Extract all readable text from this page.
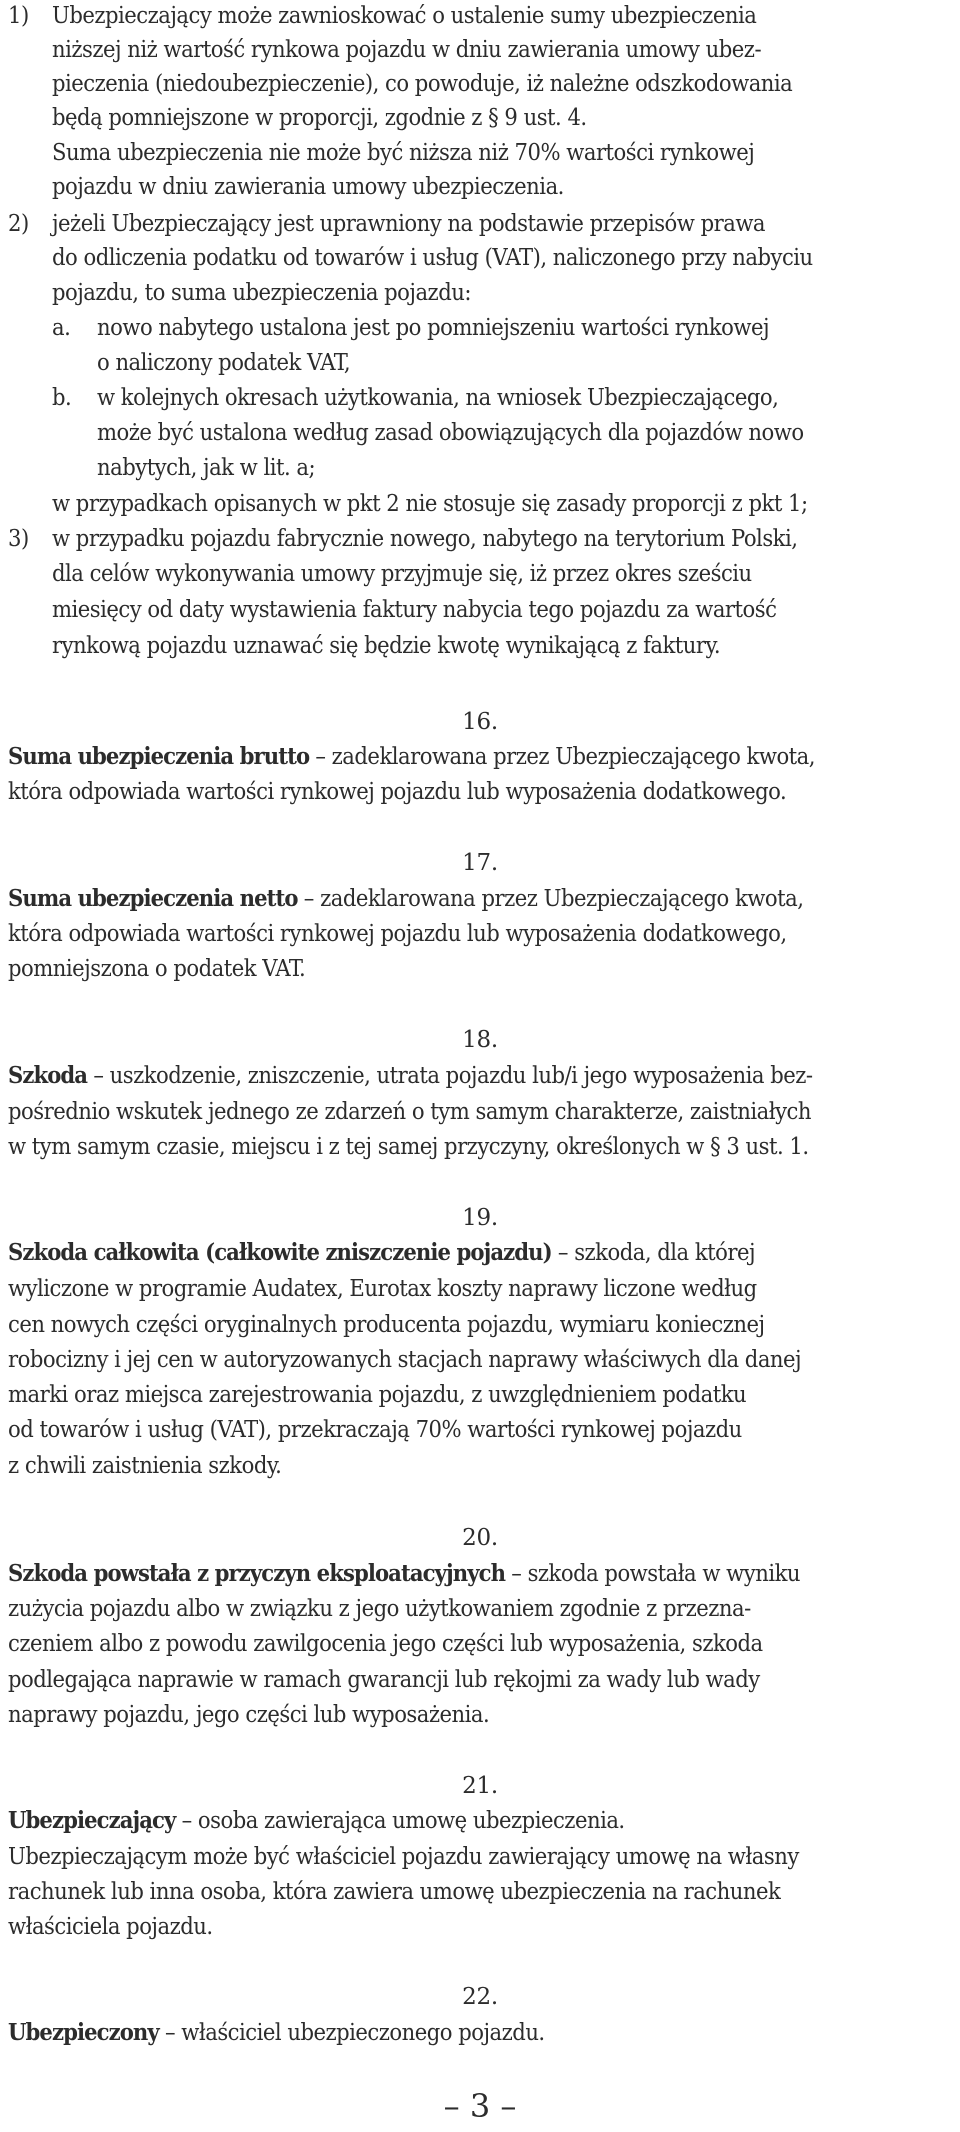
1) Ubezpieczający może zawnioskować o ustalenie sumy ubezpieczenia
niższej niż wartość rynkowa pojazdu w dniu zawierania umowy ubez-
pieczenia (niedoubezpieczenie), co powoduje, iż należne odszkodowania
będą pomniejszone w proporcji, zgodnie z § 9 ust. 4.
Suma ubezpieczenia nie może być niższa niż 70% wartości rynkowej
pojazdu w dniu zawierania umowy ubezpieczenia.
2) jeżeli Ubezpieczający jest uprawniony na podstawie przepisów prawa
do odliczenia podatku od towarów i usług (VAT), naliczonego przy nabyciu
pojazdu, to suma ubezpieczenia pojazdu:
a. nowo nabytego ustalona jest po pomniejszeniu wartości rynkowej
o naliczony podatek VAT,
b. w kolejnych okresach użytkowania, na wniosek Ubezpieczającego,
może być ustalona według zasad obowiązujących dla pojazdów nowo
nabytych, jak w lit. a;
w przypadkach opisanych w pkt 2 nie stosuje się zasady proporcji z pkt 1;
3) w przypadku pojazdu fabrycznie nowego, nabytego na terytorium Polski,
dla celów wykonywania umowy przyjmuje się, iż przez okres sześciu
miesięcy od daty wystawienia faktury nabycia tego pojazdu za wartość
rynkową pojazdu uznawać się będzie kwotę wynikającą z faktury.
16.
Suma ubezpieczenia brutto – zadeklarowana przez Ubezpieczającego kwota,
która odpowiada wartości rynkowej pojazdu lub wyposażenia dodatkowego.
17.
Suma ubezpieczenia netto – zadeklarowana przez Ubezpieczającego kwota,
która odpowiada wartości rynkowej pojazdu lub wyposażenia dodatkowego,
pomniejszona o podatek VAT.
18.
Szkoda – uszkodzenie, zniszczenie, utrata pojazdu lub/i jego wyposażenia bez-
pośrednio wskutek jednego ze zdarzeń o tym samym charakterze, zaistniałych
w tym samym czasie, miejscu i z tej samej przyczyny, określonych w § 3 ust. 1.
19.
Szkoda całkowita (całkowite zniszczenie pojazdu) – szkoda, dla której
wyliczone w programie Audatex, Eurotax koszty naprawy liczone według
cen nowych części oryginalnych producenta pojazdu, wymiaru koniecznej
robocizny i jej cen w autoryzowanych stacjach naprawy właściwych dla danej
marki oraz miejsca zarejestrowania pojazdu, z uwzględnieniem podatku
od towarów i usług (VAT), przekraczają 70% wartości rynkowej pojazdu
z chwili zaistnienia szkody.
20.
Szkoda powstała z przyczyn eksploatacyjnych – szkoda powstała w wyniku
zużycia pojazdu albo w związku z jego użytkowaniem zgodnie z przezna-
czeniem albo z powodu zawilgocenia jego części lub wyposażenia, szkoda
podlegająca naprawie w ramach gwarancji lub rękojmi za wady lub wady
naprawy pojazdu, jego części lub wyposażenia.
21.
Ubezpieczający – osoba zawierająca umowę ubezpieczenia.
Ubezpieczającym może być właściciel pojazdu zawierający umowę na własny
rachunek lub inna osoba, która zawiera umowę ubezpieczenia na rachunek
właściciela pojazdu.
22.
Ubezpieczony – właściciel ubezpieczonego pojazdu.
– 3 –
